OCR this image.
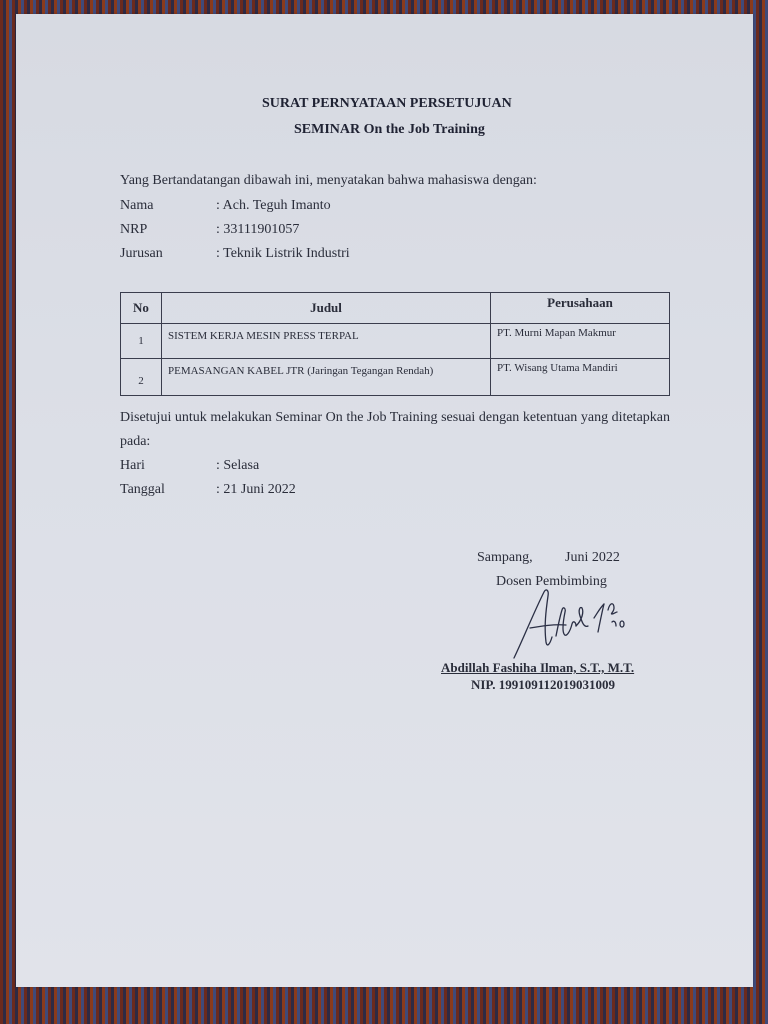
SURAT PERNYATAAN PERSETUJUAN
SEMINAR On the Job Training
Yang Bertandatangan dibawah ini, menyatakan bahwa mahasiswa dengan:
Nama	: Ach. Teguh Imanto
NRP	: 33111901057
Jurusan	: Teknik Listrik Industri
No	Judul	Perusahaan
1	SISTEM KERJA MESIN PRESS TERPAL	PT. Murni Mapan Makmur
2	PEMASANGAN KABEL JTR (Jaringan Tegangan Rendah)	PT. Wisang Utama Mandiri
Disetujui untuk melakukan Seminar On the Job Training sesuai dengan ketentuan yang ditetapkan pada:
Hari	: Selasa
Tanggal	: 21 Juni 2022
Sampang, Juni 2022
Dosen Pembimbing
Abdillah Fashiha Ilman, S.T., M.T.
NIP. 199109112019031009
